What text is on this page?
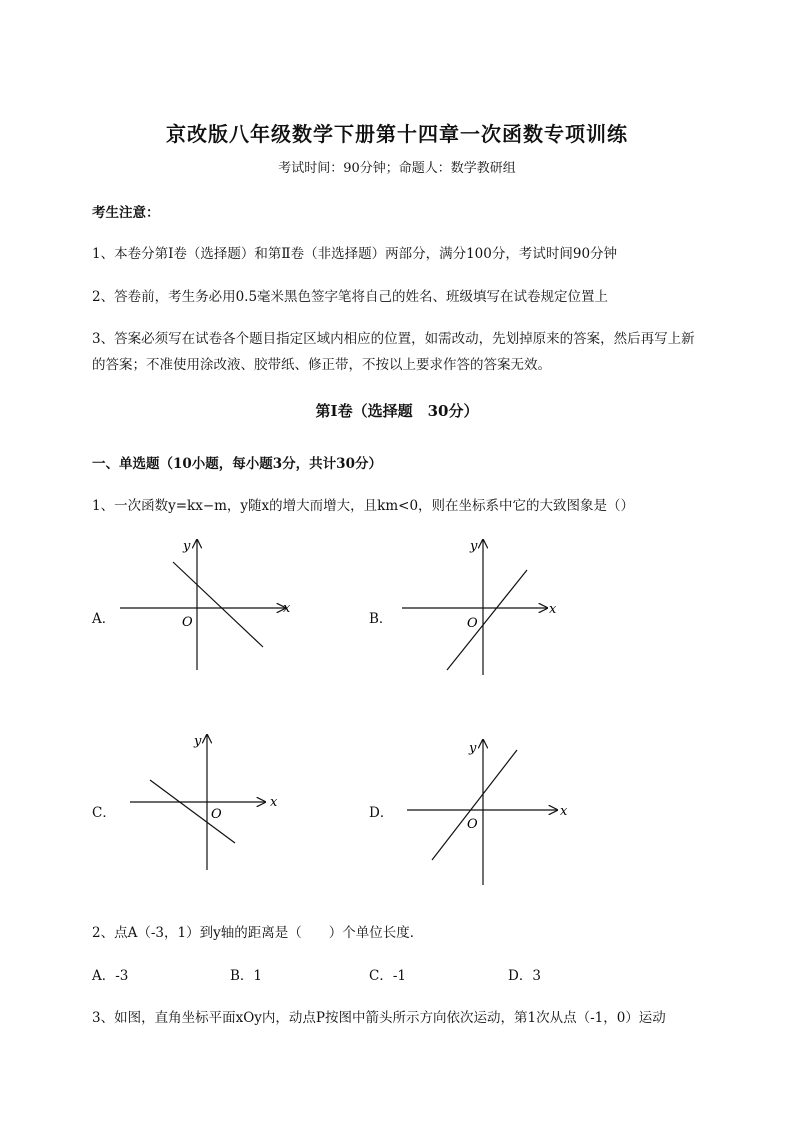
京改版八年级数学下册第十四章一次函数专项训练
考试时间：90分钟；命题人：数学教研组
考生注意：
1、本卷分第Ⅰ卷（选择题）和第Ⅱ卷（非选择题）两部分，满分100分，考试时间90分钟
2、答卷前，考生务必用0.5毫米黑色签字笔将自己的姓名、班级填写在试卷规定位置上
3、答案必须写在试卷各个题目指定区域内相应的位置，如需改动，先划掉原来的答案，然后再写上新
的答案；不准使用涂改液、胶带纸、修正带，不按以上要求作答的答案无效。
第Ⅰ卷（选择题　30分）
一、单选题（10小题，每小题3分，共计30分）
1、一次函数y=kx−m，y随x的增大而增大，且km<0，则在坐标系中它的大致图象是（）
A．
x
y
O	B．
x
y
O
C．
x
y
O	D．	x
y
O
2、点A（-3，1）到y轴的距离是（　　）个单位长度．
A．-3	B．1	C．-1	D．3
3、如图，直角坐标平面xOy内，动点P按图中箭头所示方向依次运动，第1次从点（-1，0）运动
